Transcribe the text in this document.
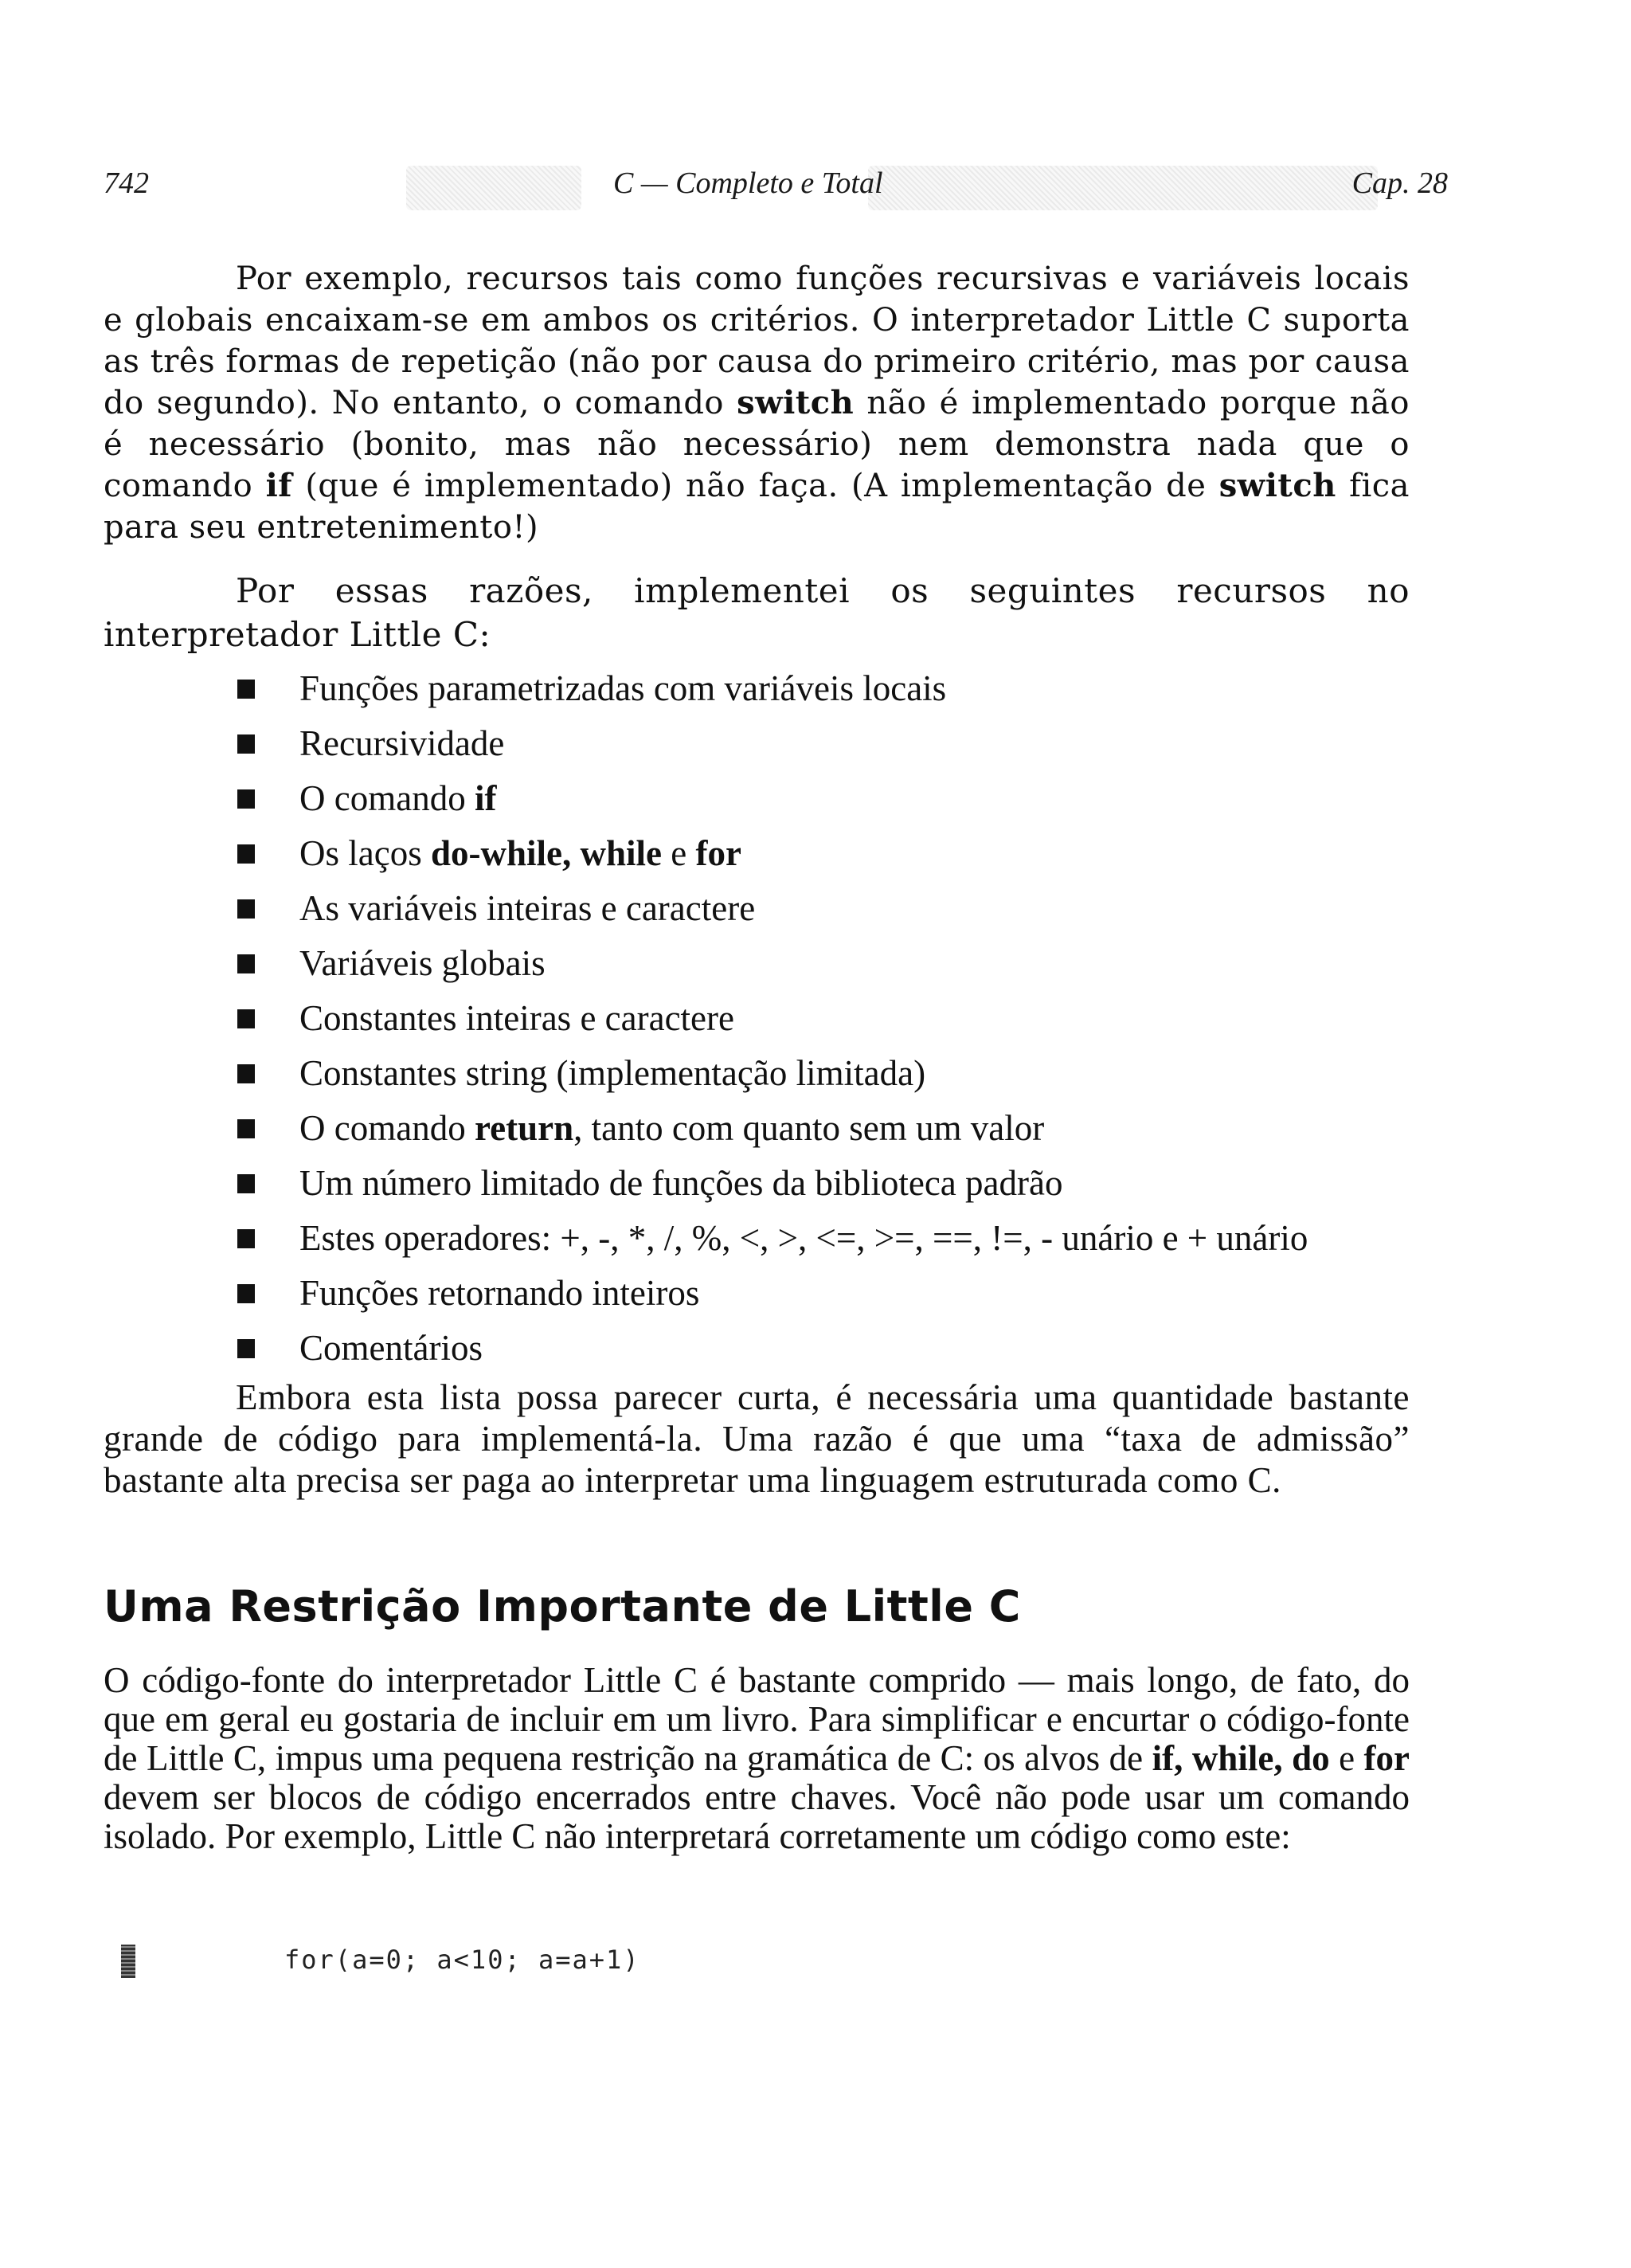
742	C — Completo e Total	Cap. 28

Por exemplo, recursos tais como funções recursivas e variáveis locais e globais encaixam-se em ambos os critérios. O interpretador Little C suporta as três formas de repetição (não por causa do primeiro critério, mas por causa do segundo). No entanto, o comando switch não é implementado porque não é necessário (bonito, mas não necessário) nem demonstra nada que o comando if (que é implementado) não faça. (A implementação de switch fica para seu entretenimento!)

Por essas razões, implementei os seguintes recursos no interpretador Little C:

Funções parametrizadas com variáveis locais
Recursividade
O comando if
Os laços do-while, while e for
As variáveis inteiras e caractere
Variáveis globais
Constantes inteiras e caractere
Constantes string (implementação limitada)
O comando return, tanto com quanto sem um valor
Um número limitado de funções da biblioteca padrão
Estes operadores: +, -, *, /, %, <, >, <=, >=, ==, !=, - unário e + unário
Funções retornando inteiros
Comentários

Embora esta lista possa parecer curta, é necessária uma quantidade bastante grande de código para implementá-la. Uma razão é que uma “taxa de admissão” bastante alta precisa ser paga ao interpretar uma linguagem estruturada como C.

Uma Restrição Importante de Little C

O código-fonte do interpretador Little C é bastante comprido — mais longo, de fato, do que em geral eu gostaria de incluir em um livro. Para simplificar e encurtar o código-fonte de Little C, impus uma pequena restrição na gramática de C: os alvos de if, while, do e for devem ser blocos de código encerrados entre chaves. Você não pode usar um comando isolado. Por exemplo, Little C não interpretará corretamente um código como este:

for(a=0; a<10; a=a+1)
